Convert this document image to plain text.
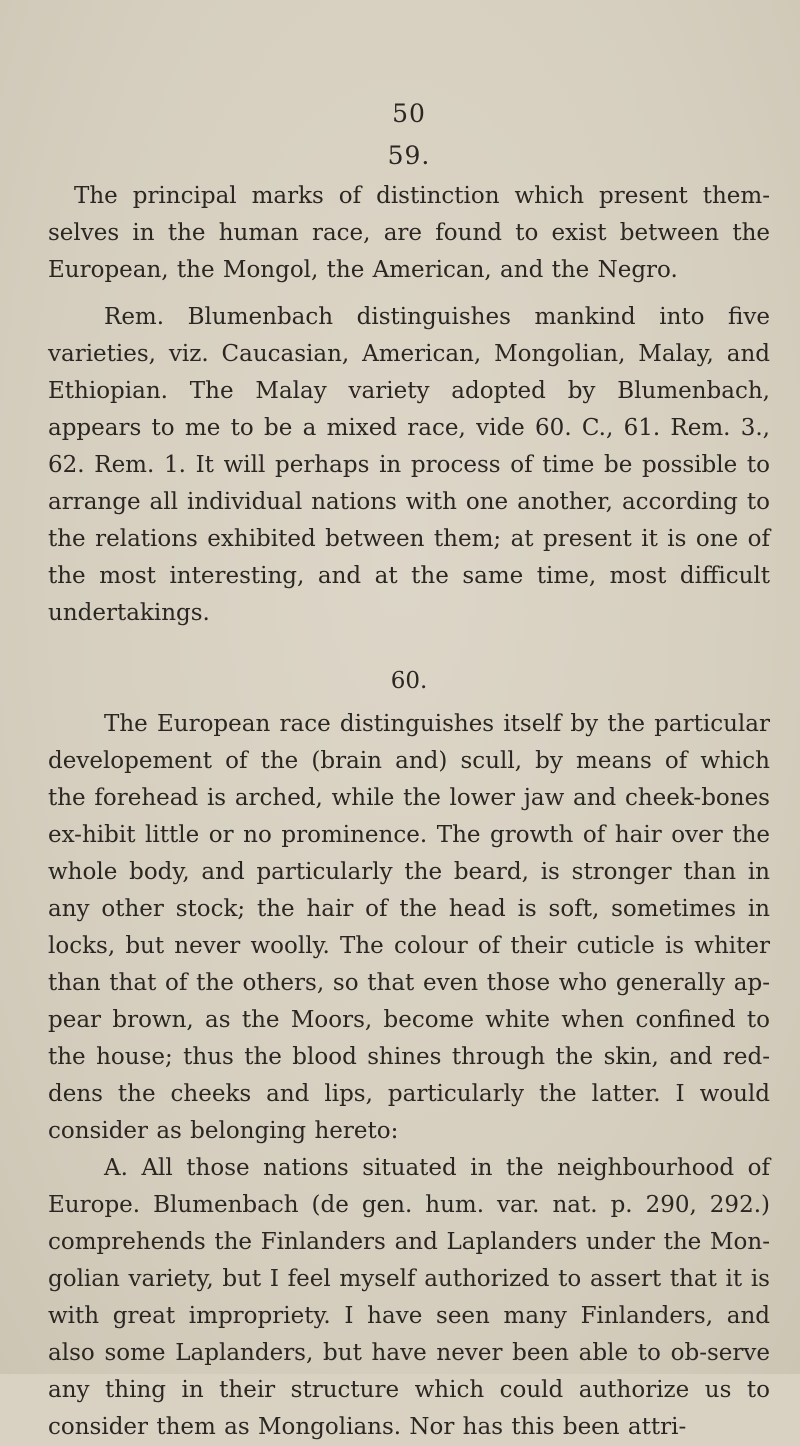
50
59.

The principal marks of distinction which present them-selves in the human race, are found to exist between the European, the Mongol, the American, and the Negro.

Rem. Blumenbach distinguishes mankind into five varieties, viz. Caucasian, American, Mongolian, Malay, and Ethiopian. The Malay variety adopted by Blumenbach, appears to me to be a mixed race, vide 60. C., 61. Rem. 3., 62. Rem. 1. It will perhaps in process of time be possible to arrange all individual nations with one another, according to the relations exhibited between them; at present it is one of the most interesting, and at the same time, most difficult undertakings.

60.

The European race distinguishes itself by the particular developement of the (brain and) scull, by means of which the forehead is arched, while the lower jaw and cheek-bones ex-hibit little or no prominence. The growth of hair over the whole body, and particularly the beard, is stronger than in any other stock; the hair of the head is soft, sometimes in locks, but never woolly. The colour of their cuticle is whiter than that of the others, so that even those who generally ap-pear brown, as the Moors, become white when confined to the house; thus the blood shines through the skin, and red-dens the cheeks and lips, particularly the latter. I would consider as belonging hereto:

A. All those nations situated in the neighbourhood of Europe. Blumenbach (de gen. hum. var. nat. p. 290, 292.) comprehends the Finlanders and Laplanders under the Mon-golian variety, but I feel myself authorized to assert that it is with great impropriety. I have seen many Finlanders, and also some Laplanders, but have never been able to ob-serve any thing in their structure which could authorize us to consider them as Mongolians. Nor has this been attri-
